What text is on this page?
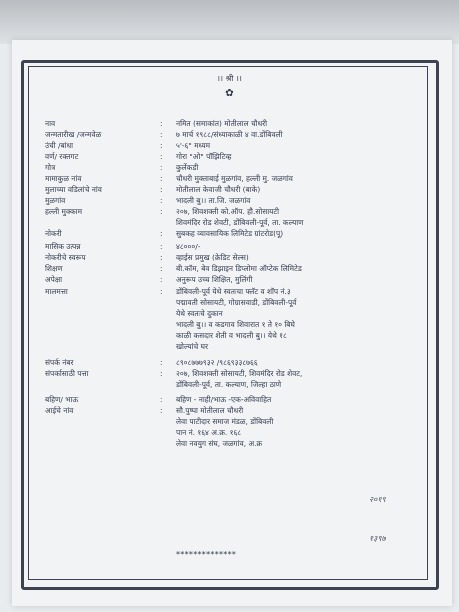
।। श्री ।।
✿
नाव	: नमित (समाकांत) मोतीलाल चौधरी
जन्मतारीख /जन्मवेळ	: ७ मार्च १९८८/संध्याकाळी ४ वा.डोंबिवली
उंची /बांधा	: ५'-६" मध्यम
वर्ण/ रक्तगट	: गोरा "ओ" पॉझिटिव्ह
गोत्र	: कुर्लेकडी
मामाकुळ नांव	: चौधरी मुक्ताबाई मुळगांव, हल्ली मु. जळगांव
मुलाच्या वडिलांचे नांव	: मोतीलाल केवाजी चौधरी (बाके)
मुळगांव	: भादली बु।। ता.जि. जळगांव
हल्ली मुक्काम	: २०७, शिवशक्ती को.ऑप. हौ.सोसायटी
शिवमंदिर रोड शेवटी, डोंबिवली-पूर्व, ता. कल्याण
नोकरी	: सुबकह व्यावसायिक लिमिटेड ग्रांटरोड(पू)
मासिक उत्पन्न	: ४८०००/-
नोकरीचे स्वरूप	: व्हाईस प्रमुख (क्रेडिट सेल्स)
शिक्षण	: बी.कॉम, बेव डिझाइन डिप्लोमा ऑप्टेक लिमिटेड
अपेक्षा	: अनुरूप उच्च शिक्षित, मुलिंगी
मालमत्ता	: डोंबिवली-पूर्व येथे स्वतःचा फ्लॅट व शॉप नं.३
पद्मावती सोसायटी, गोग्रासवाडी, डोंबिवली-पूर्व
येथे स्वतःचे दुकान
भादली बु।। व कडगाव शिवारात १ ते १० बिघे
काळी कसदार शेती व भादली बु।। येथे १८
खोल्यांचे घर
संपर्क नंबर	: ८९०८७७७९३२ /९८६९३३८७६६
संपर्कासाठी पत्ता	: २०७, शिवशक्ती सोसायटी, शिवमंदिर रोड शेवट,
डोंबिवली-पूर्व, ता. कल्याण, जिल्हा ठाणे
बहिण/ भाऊ	: बहिण - नाही/भाऊ -एक-अविवाहित
आईचे नांव	: सौ.पुष्पा मोतीलाल चौधरी
लेवा पाटीदार समाज मंडळ, डोंबिवली
पान नं. १६४ अ.क्र. १६८
लेवा नवयुग संघ, जळगांव, अ.क्र
२०१९
१३९७
**************
